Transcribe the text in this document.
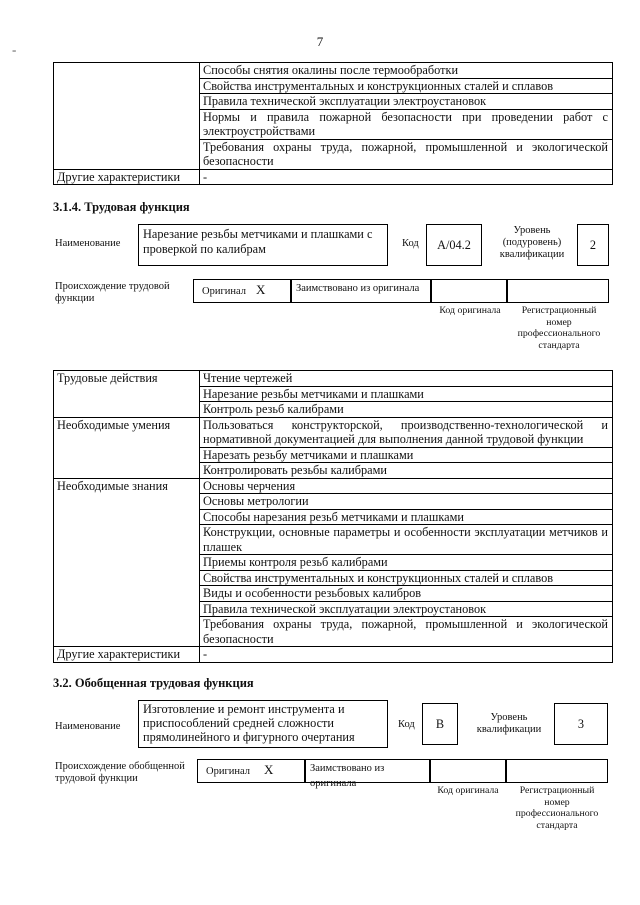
7
-
	Способы снятия окалины после термообработки
	Свойства инструментальных и конструкционных сталей и сплавов
	Правила технической эксплуатации электроустановок
	Нормы и правила пожарной безопасности при проведении работ с электроустройствами
	Требования охраны труда, пожарной, промышленной и экологической безопасности
Другие характеристики	-
3.1.4. Трудовая функция
Наименование
Нарезание резьбы метчиками и плашками с проверкой по калибрам	Код	A/04.2
Уровень (подуровень) квалификации
2
Происхождение трудовой функции
Оригинал X	Заимствовано из оригинала
Код оригинала	Регистрационный номер профессионального стандарта
Трудовые действия	Чтение чертежей
	Нарезание резьбы метчиками и плашками
	Контроль резьб калибрами
Необходимые умения	Пользоваться конструкторской, производственно-технологической и нормативной документацией для выполнения данной трудовой функции
	Нарезать резьбу метчиками и плашками
	Контролировать резьбы калибрами
Необходимые знания	Основы черчения
	Основы метрологии
	Способы нарезания резьб метчиками и плашками
	Конструкции, основные параметры и особенности эксплуатации метчиков и плашек
	Приемы контроля резьб калибрами
	Свойства инструментальных и конструкционных сталей и сплавов
	Виды и особенности резьбовых калибров
	Правила технической эксплуатации электроустановок
	Требования охраны труда, пожарной, промышленной и экологической безопасности
Другие характеристики	-
3.2. Обобщенная трудовая функция
Наименование
Изготовление и ремонт инструмента и приспособлений средней сложности прямолинейного и фигурного очертания
Код	B	Уровень квалификации	3
Происхождение обобщенной трудовой функции
Оригинал X	Заимствовано из оригинала
Код оригинала	Регистрационный номер профессионального стандарта
